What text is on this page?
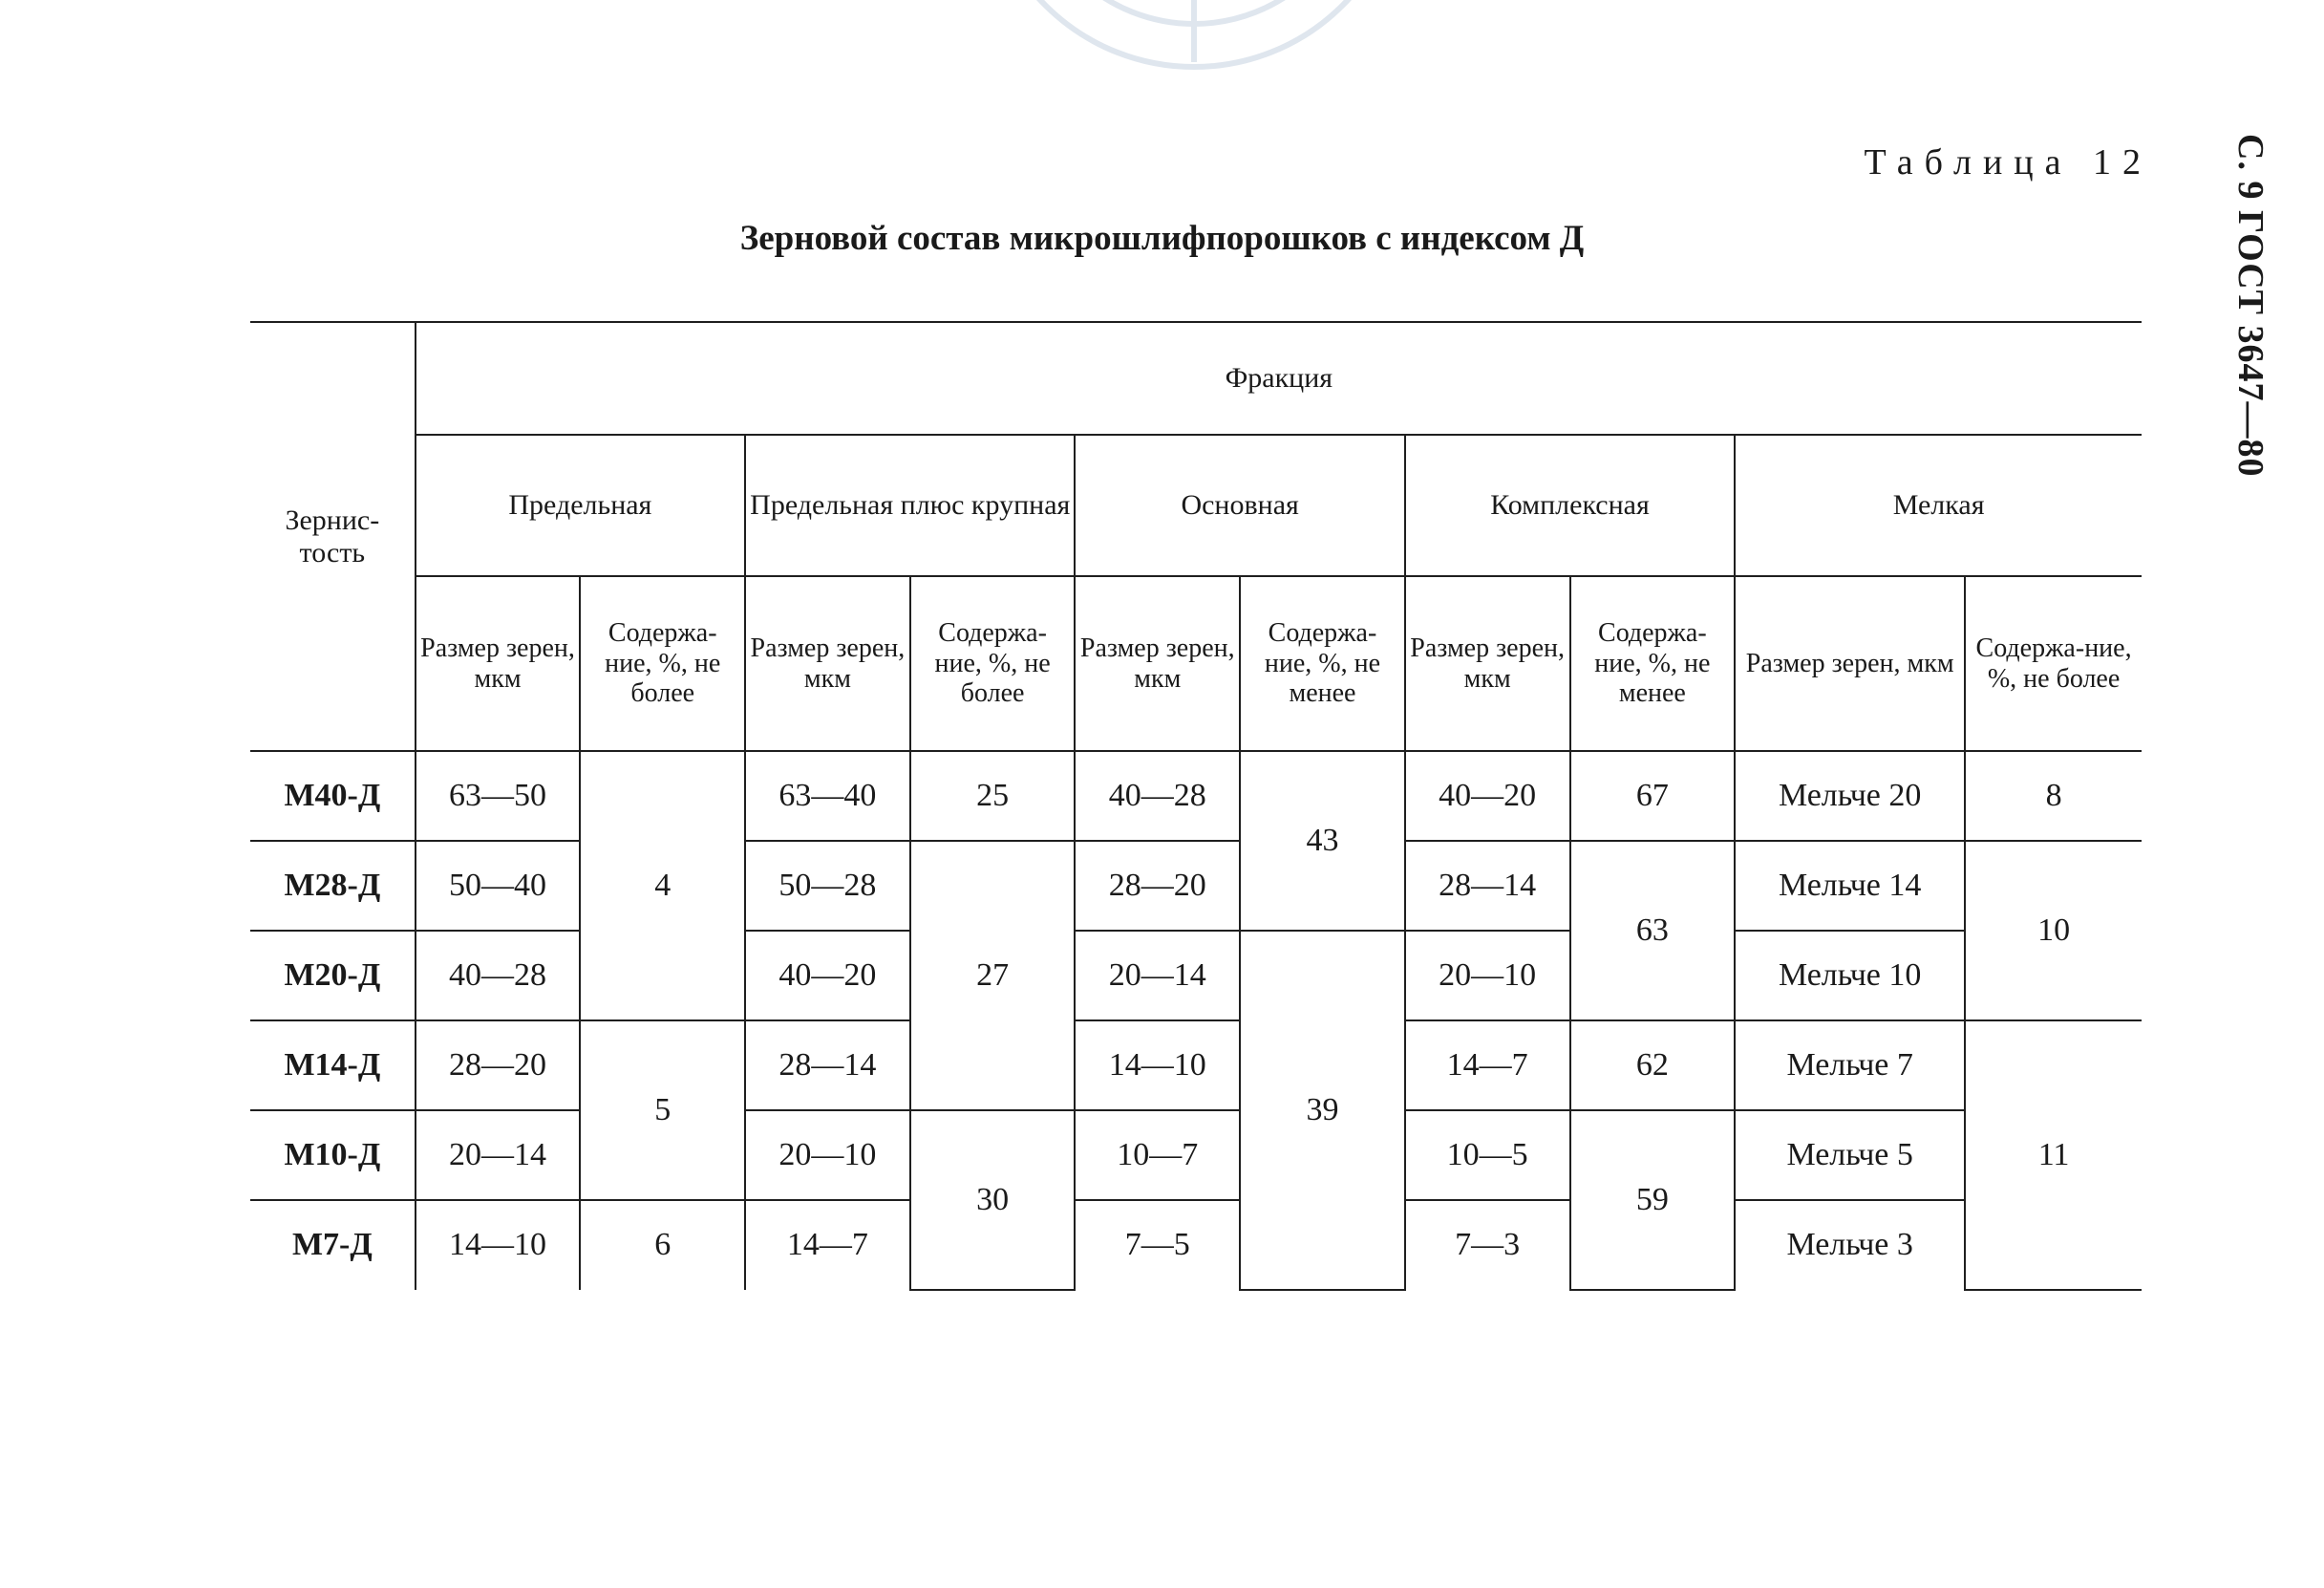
С. 9 ГОСТ 3647—80
Таблица 12
Зерновой состав микрошлифпорошков с индексом Д
Зернис-тость	Фракция									
	Предельная		Предельная плюс крупная		Основная		Комплексная		Мелкая	
	Размер зерен, мкм	Содержа-ние, %, не более	Размер зерен, мкм	Содержа-ние, %, не более	Размер зерен, мкм	Содержа-ние, %, не менее	Размер зерен, мкм	Содержа-ние, %, не менее	Размер зерен, мкм	Содержа-ние, %, не более
М40-Д	63—50	4	63—40	25	40—28	43	40—20	67	Мельче 20	8
М28-Д	50—40		50—28	27	28—20		28—14	63	Мельче 14	10
М20-Д	40—28		40—20		20—14	39	20—10		Мельче 10	
М14-Д	28—20	5	28—14		14—10		14—7	62	Мельче 7	11
М10-Д	20—14		20—10	30	10—7		10—5	59	Мельче 5	
М7-Д	14—10	6	14—7		7—5		7—3		Мельче 3	
